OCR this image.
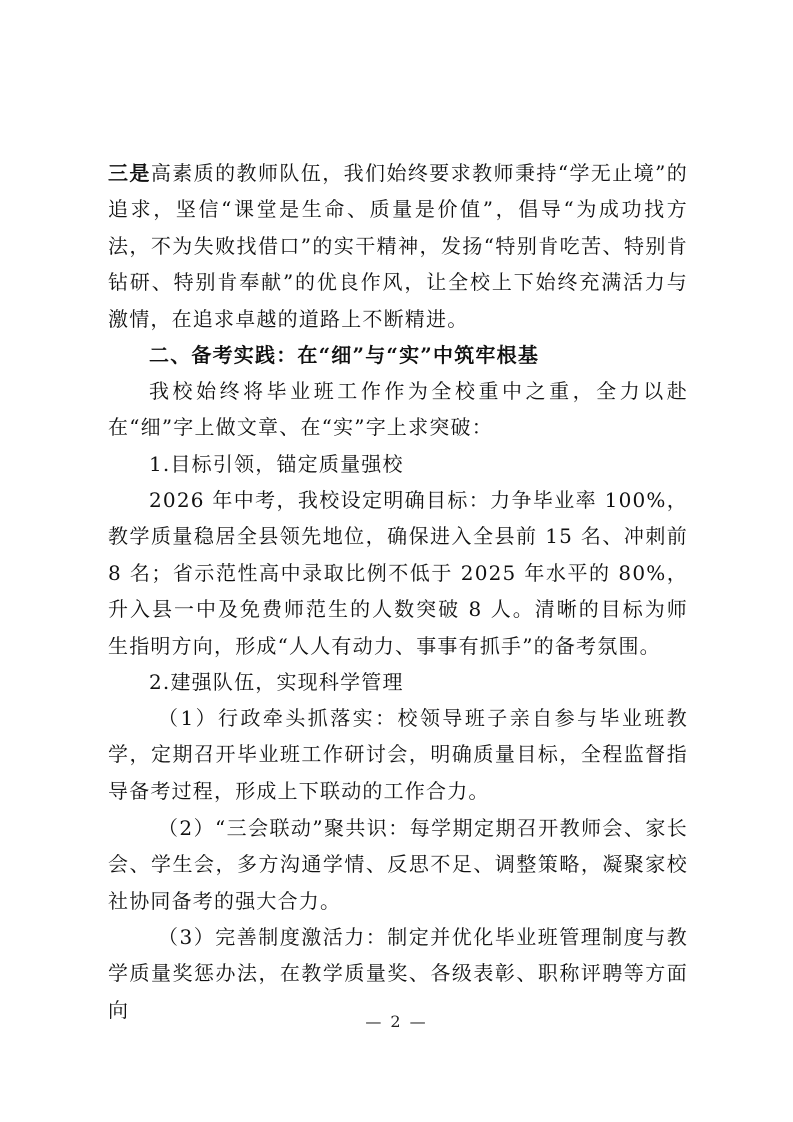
三是高素质的教师队伍，我们始终要求教师秉持“学无止境”的追求，坚信“课堂是生命、质量是价值”，倡导“为成功找方法，不为失败找借口”的实干精神，发扬“特别肯吃苦、特别肯钻研、特别肯奉献”的优良作风，让全校上下始终充满活力与激情，在追求卓越的道路上不断精进。

二、备考实践：在“细”与“实”中筑牢根基

我校始终将毕业班工作作为全校重中之重，全力以赴在“细”字上做文章、在“实”字上求突破：

1.目标引领，锚定质量强校

2026 年中考，我校设定明确目标：力争毕业率 100%，教学质量稳居全县领先地位，确保进入全县前 15 名、冲刺前 8 名；省示范性高中录取比例不低于 2025 年水平的 80%，升入县一中及免费师范生的人数突破 8 人。清晰的目标为师生指明方向，形成“人人有动力、事事有抓手”的备考氛围。

2.建强队伍，实现科学管理

（1）行政牵头抓落实：校领导班子亲自参与毕业班教学，定期召开毕业班工作研讨会，明确质量目标，全程监督指导备考过程，形成上下联动的工作合力。

（2）“三会联动”聚共识：每学期定期召开教师会、家长会、学生会，多方沟通学情、反思不足、调整策略，凝聚家校社协同备考的强大合力。

（3）完善制度激活力：制定并优化毕业班管理制度与教学质量奖惩办法，在教学质量奖、各级表彰、职称评聘等方面向	— 2 —
